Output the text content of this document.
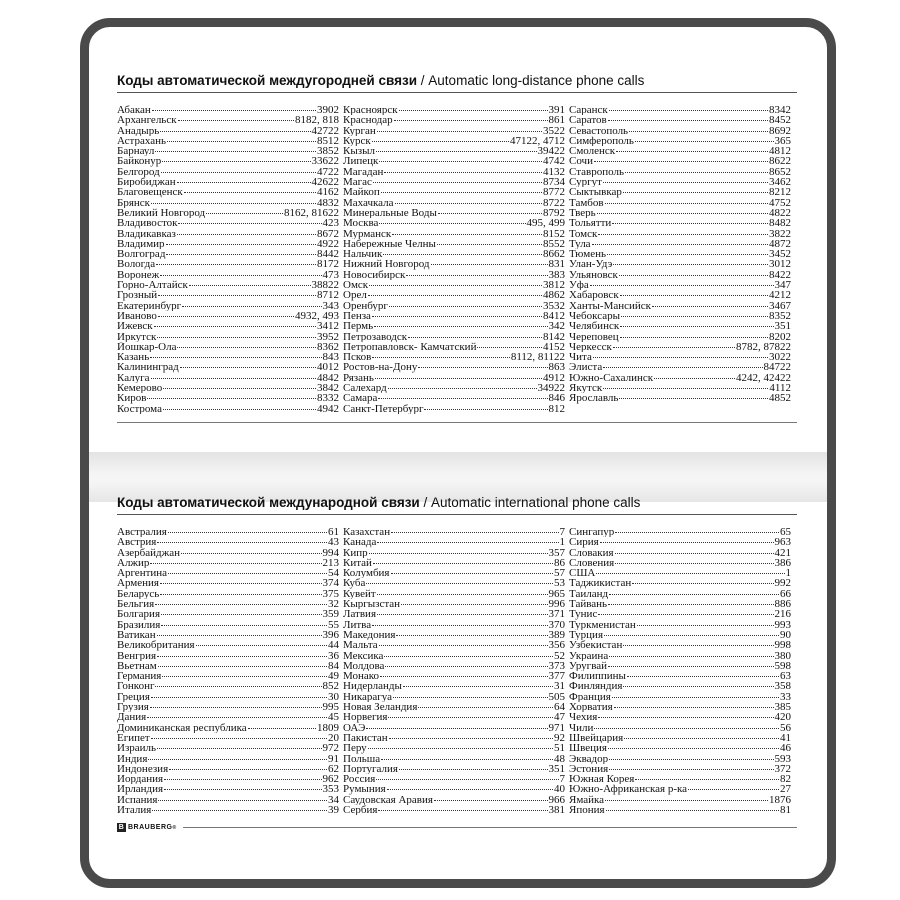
Коды автоматической междугородней связи / Automatic long-distance phone calls
Абакан	3902
Архангельск	8182, 818
Анадырь	42722
Астрахань	8512
Барнаул	3852
Байконур	33622
Белгород	4722
Биробиджан	42622
Благовещенск	4162
Брянск	4832
Великий Новгород	8162, 81622
Владивосток	423
Владикавказ	8672
Владимир	4922
Волгоград	8442
Вологда	8172
Воронеж	473
Горно-Алтайск	38822
Грозный	8712
Екатеринбург	343
Иваново	4932, 493
Ижевск	3412
Иркутск	3952
Йошкар-Ола	8362
Казань	843
Калининград	4012
Калуга	4842
Кемерово	3842
Киров	8332
Кострома	4942
Красноярск	391
Краснодар	861
Курган	3522
Курск	47122, 4712
Кызыл	39422
Липецк	4742
Магадан	4132
Магас	8734
Майкоп	8772
Махачкала	8722
Минеральные Воды	8792
Москва	495, 499
Мурманск	8152
Набережные Челны	8552
Нальчик	8662
Нижний Новгород	831
Новосибирск	383
Омск	3812
Орел	4862
Оренбург	3532
Пенза	8412
Пермь	342
Петрозаводск	8142
Петропавловск- Камчатский	4152
Псков	8112, 81122
Ростов-на-Дону	863
Рязань	4912
Салехард	34922
Самара	846
Санкт-Петербург	812
Саранск	8342
Саратов	8452
Севастополь	8692
Симферополь	365
Смоленск	4812
Сочи	8622
Ставрополь	8652
Сургут	3462
Сыктывкар	8212
Тамбов	4752
Тверь	4822
Тольятти	8482
Томск	3822
Тула	4872
Тюмень	3452
Улан-Удэ	3012
Ульяновск	8422
Уфа	347
Хабаровск	4212
Ханты-Мансийск	3467
Чебоксары	8352
Челябинск	351
Череповец	8202
Черкесск	8782, 87822
Чита	3022
Элиста	84722
Южно-Сахалинск	4242, 42422
Якутск	4112
Ярославль	4852
Коды автоматической международной связи / Automatic international phone calls
Австралия	61
Австрия	43
Азербайджан	994
Алжир	213
Аргентина	54
Армения	374
Беларусь	375
Бельгия	32
Болгария	359
Бразилия	55
Ватикан	396
Великобритания	44
Венгрия	36
Вьетнам	84
Германия	49
Гонконг	852
Греция	30
Грузия	995
Дания	45
Доминиканская республика	1809
Египет	20
Израиль	972
Индия	91
Индонезия	62
Иордания	962
Ирландия	353
Испания	34
Италия	39
Казахстан	7
Канада	1
Кипр	357
Китай	86
Колумбия	57
Куба	53
Кувейт	965
Кыргызстан	996
Латвия	371
Литва	370
Македония	389
Мальта	356
Мексика	52
Молдова	373
Монако	377
Нидерланды	31
Никарагуа	505
Новая Зеландия	64
Норвегия	47
ОАЭ	971
Пакистан	92
Перу	51
Польша	48
Португалия	351
Россия	7
Румыния	40
Саудовская Аравия	966
Сербия	381
Сингапур	65
Сирия	963
Словакия	421
Словения	386
США	1
Таджикистан	992
Таиланд	66
Тайвань	886
Тунис	216
Туркменистан	993
Турция	90
Узбекистан	998
Украина	380
Уругвай	598
Филиппины	63
Финляндия	358
Франция	33
Хорватия	385
Чехия	420
Чили	56
Швейцария	41
Швеция	46
Эквадор	593
Эстония	372
Южная Корея	82
Южно-Африканская р-ка	27
Ямайка	1876
Япония	81
B BRAUBERG ®
